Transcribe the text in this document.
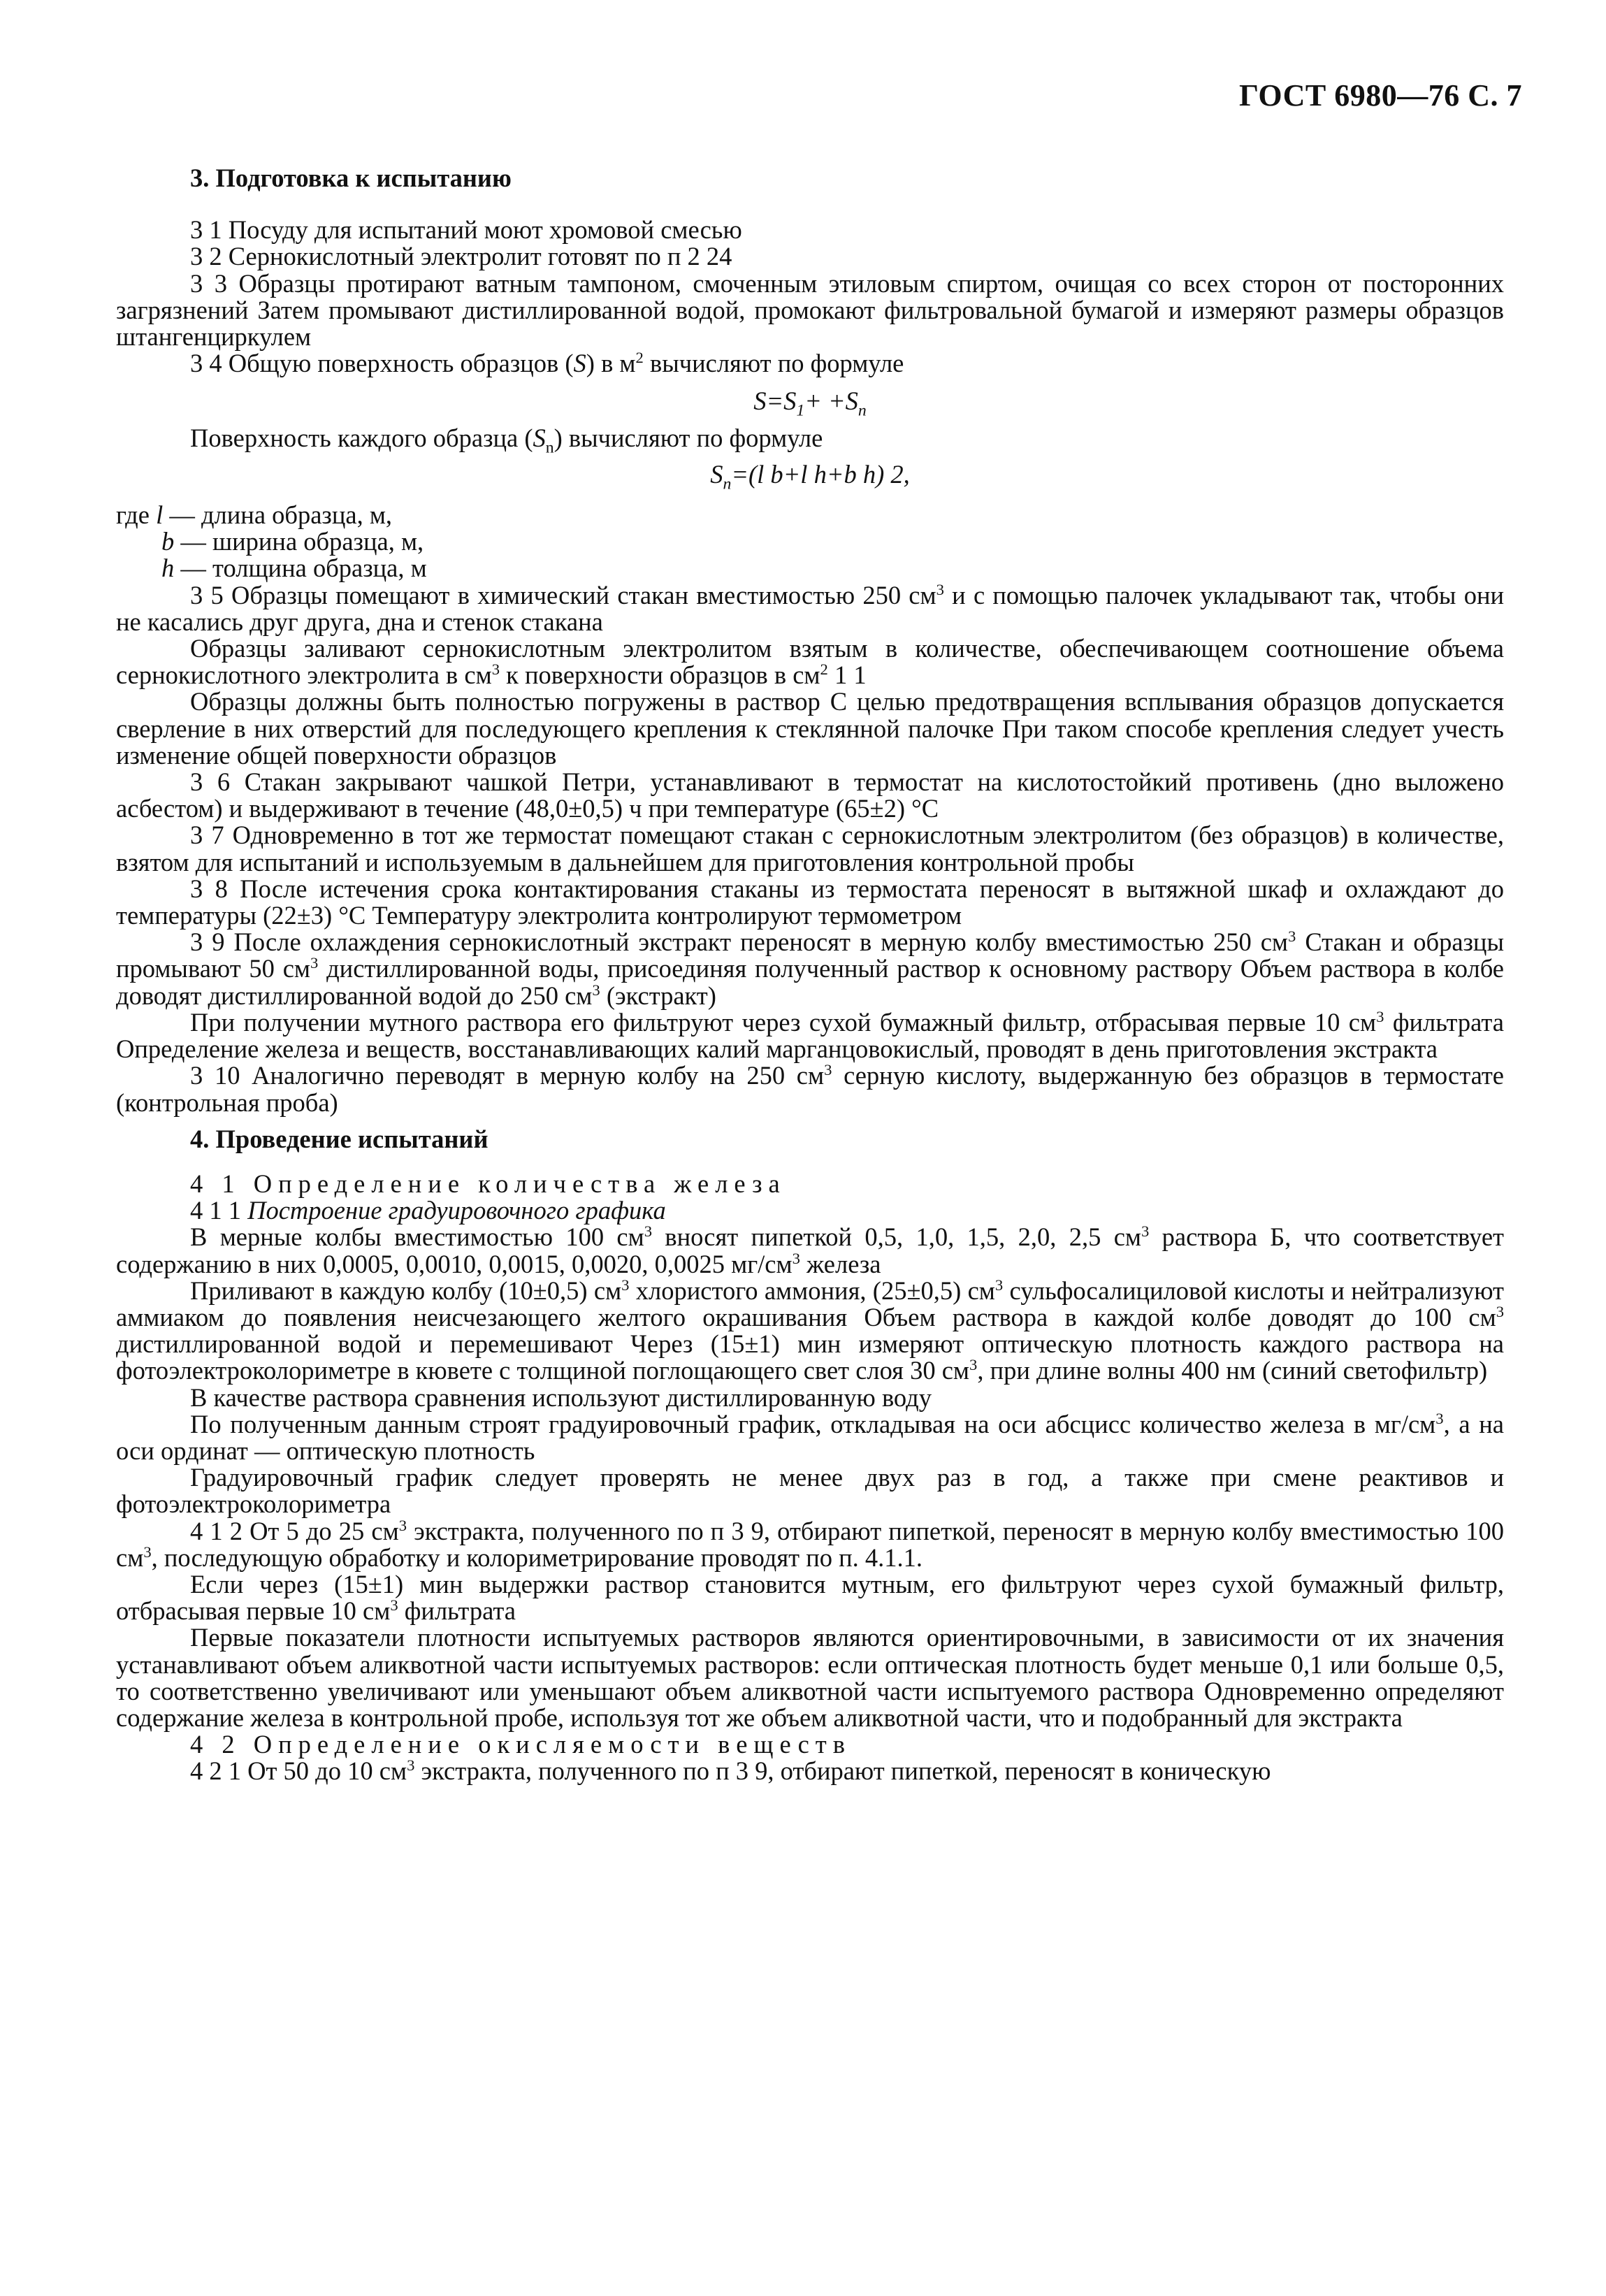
ГОСТ 6980—76 С. 7
3. Подготовка к испытанию

3 1 Посуду для испытаний моют хромовой смесью

3 2 Сернокислотный электролит готовят по п 2 24

3 3 Образцы протирают ватным тампоном, смоченным этиловым спиртом, очищая со всех сторон от посторонних загрязнений Затем промывают дистиллированной водой, промокают фильтровальной бумагой и измеряют размеры образцов штангенциркулем

3 4 Общую поверхность образцов (S) в $м^2$ вычисляют по формуле

$S=S_1+ +S_n$

Поверхность каждого образца $(S_n)$ вычисляют по формуле

$S_n=(l$ b+l h+b h) 2,

где l — длина образца, м,

b — ширина образца, м,

h — толщина образца, м

3 5 Образцы помещают в химический стакан вместимостью 250 $см^3$ и с помощью палочек укладывают так, чтобы они не касались друг друга, дна и стенок стакана

Образцы заливают сернокислотным электролитом взятым в количестве, обеспечивающем соотношение объема сернокислотного электролита в $см^3$ к поверхности образцов в $см^2$ 1 1

Образцы должны быть полностью погружены в раствор С целью предотвращения всплывания образцов допускается сверление в них отверстий для последующего крепления к стеклянной палочке При таком способе крепления следует учесть изменение общей поверхности образцов

3 6 Стакан закрывают чашкой Петри, устанавливают в термостат на кислотостойкий противень (дно выложено асбестом) и выдерживают в течение (48,0±0,5) ч при температуре (65±2) °С

3 7 Одновременно в тот же термостат помещают стакан с сернокислотным электролитом (без образцов) в количестве, взятом для испытаний и используемым в дальнейшем для приготовления контрольной пробы

3 8 После истечения срока контактирования стаканы из термостата переносят в вытяжной шкаф и охлаждают до температуры (22±3) °С Температуру электролита контролируют термометром

3 9 После охлаждения сернокислотный экстракт переносят в мерную колбу вместимостью 250 $см^3$ Стакан и образцы промывают 50 $см^3$ дистиллированной воды, присоединяя полученный раствор к основному раствору Объем раствора в колбе доводят дистиллированной водой до 250 $см^3$ (экстракт)

При получении мутного раствора его фильтруют через сухой бумажный фильтр, отбрасывая первые 10 $см^3$ фильтрата Определение железа и веществ, восстанавливающих калий марганцовокислый, проводят в день приготовления экстракта

3 10 Аналогично переводят в мерную колбу на 250 $см^3$ серную кислоту, выдержанную без образцов в термостате (контрольная проба)

4. Проведение испытаний

4 1 Определение количества железа

4 1 1 Построение градуировочного графика

В мерные колбы вместимостью 100 $см^3$ вносят пипеткой 0,5, 1,0, 1,5, 2,0, 2,5 $см^3$ раствора Б, что соответствует содержанию в них 0,0005, 0,0010, 0,0015, 0,0020, 0,0025 $мг/см^3$ железа

Приливают в каждую колбу (10±0,5) $см^3$ хлористого аммония, (25±0,5) $см^3$ сульфосалициловой кислоты и нейтрализуют аммиаком до появления неисчезающего желтого окрашивания Объем раствора в каждой колбе доводят до 100 $см^3$ дистиллированной водой и перемешивают Через (15±1) мин измеряют оптическую плотность каждого раствора на фотоэлектроколориметре в кювете с толщиной поглощающего свет слоя 30 $см^3$, при длине волны 400 нм (синий светофильтр)

В качестве раствора сравнения используют дистиллированную воду

По полученным данным строят градуировочный график, откладывая на оси абсцисс количество железа в $мг/см^3$, а на оси ординат — оптическую плотность

Градуировочный график следует проверять не менее двух раз в год, а также при смене реактивов и фотоэлектроколориметра

4 1 2 От 5 до 25 $см^3$ экстракта, полученного по п 3 9, отбирают пипеткой, переносят в мерную колбу вместимостью 100 $см^3$, последующую обработку и колориметрирование проводят по п. 4.1.1.

Если через (15±1) мин выдержки раствор становится мутным, его фильтруют через сухой бумажный фильтр, отбрасывая первые 10 $см^3$ фильтрата

Первые показатели плотности испытуемых растворов являются ориентировочными, в зависимости от их значения устанавливают объем аликвотной части испытуемых растворов: если оптическая плотность будет меньше 0,1 или больше 0,5, то соответственно увеличивают или уменьшают объем аликвотной части испытуемого раствора Одновременно определяют содержание железа в контрольной пробе, используя тот же объем аликвотной части, что и подобранный для экстракта

4 2 Определение окисляемости веществ

4 2 1 От 50 до 10 $см^3$ экстракта, полученного по п 3 9, отбирают пипеткой, переносят в коническую
